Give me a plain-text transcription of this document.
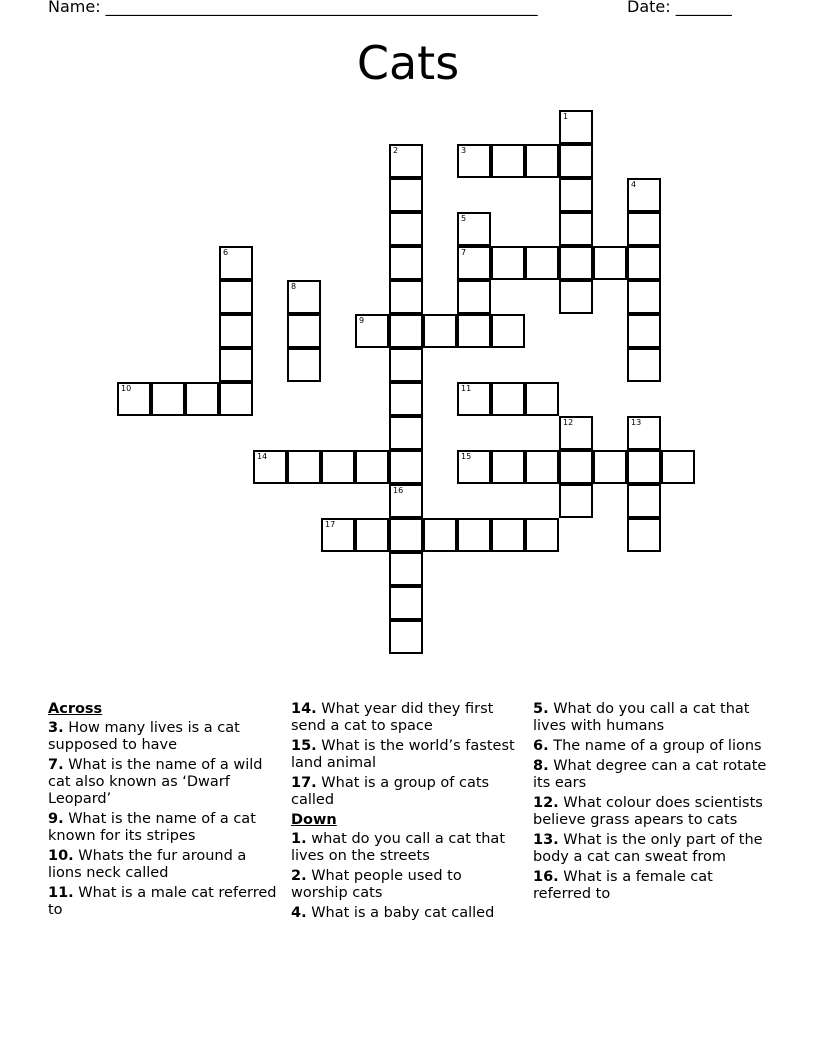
Name: ______________________________________________________	Date: _______
Cats
1
2	3
4
5
7
6
8
9
10	11
12	13
14	15
16
17
Across
3. How many lives is a cat supposed to have
7. What is the name of a wild cat also known as ‘Dwarf Leopard’
9. What is the name of a cat known for its stripes
10. Whats the fur around a lions neck called
11. What is a male cat referred to
14. What year did they first send a cat to space
15. What is the world’s fastest land animal
17. What is a group of cats called
Down
1. what do you call a cat that lives on the streets
2. What people used to worship cats
4. What is a baby cat called
5. What do you call a cat that lives with humans
6. The name of a group of lions
8. What degree can a cat rotate its ears
12. What colour does scientists believe grass apears to cats
13. What is the only part of the body a cat can sweat from
16. What is a female cat referred to
